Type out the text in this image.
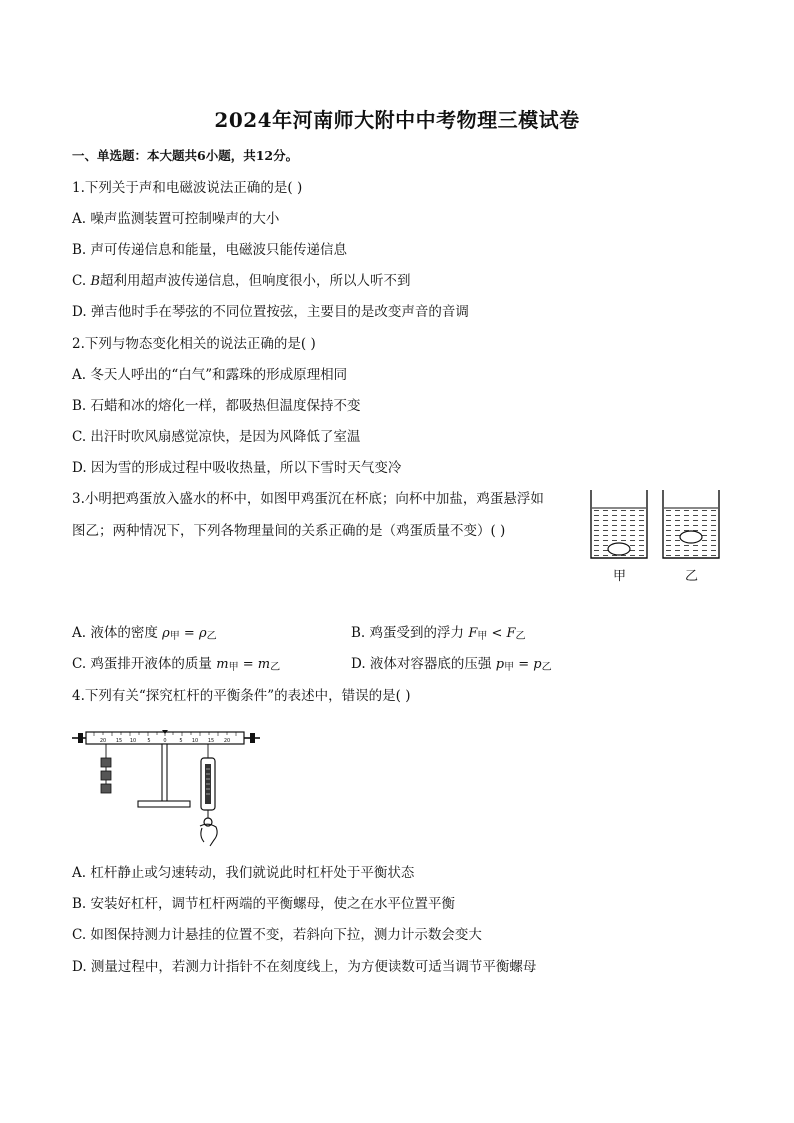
2024年河南师大附中中考物理三模试卷
一、单选题：本大题共6小题，共12分。
1.下列关于声和电磁波说法正确的是( )
A. 噪声监测装置可控制噪声的大小
B. 声可传递信息和能量，电磁波只能传递信息
C. B超利用超声波传递信息，但响度很小，所以人听不到
D. 弹吉他时手在琴弦的不同位置按弦，主要目的是改变声音的音调
2.下列与物态变化相关的说法正确的是( )
A. 冬天人呼出的“白气”和露珠的形成原理相同
B. 石蜡和冰的熔化一样，都吸热但温度保持不变
C. 出汗时吹风扇感觉凉快，是因为风降低了室温
D. 因为雪的形成过程中吸收热量，所以下雪时天气变冷
3.小明把鸡蛋放入盛水的杯中，如图甲鸡蛋沉在杯底；向杯中加盐，鸡蛋悬浮如
图乙；两种情况下，下列各物理量间的关系正确的是（鸡蛋质量不变）( )
甲	乙
A. 液体的密度 $\rho_甲 = \rho_乙$	B. 鸡蛋受到的浮力 $F_甲 < F_乙$
C. 鸡蛋排开液体的质量 $m_甲 = m_乙$	D. 液体对容器底的压强 $p_甲 = p_乙$
4.下列有关“探究杠杆的平衡条件”的表述中，错误的是( )
20 15 10 5	0	5 10 15 20
A. 杠杆静止或匀速转动，我们就说此时杠杆处于平衡状态
B. 安装好杠杆，调节杠杆两端的平衡螺母，使之在水平位置平衡
C. 如图保持测力计悬挂的位置不变，若斜向下拉，测力计示数会变大
D. 测量过程中，若测力计指针不在刻度线上，为方便读数可适当调节平衡螺母
